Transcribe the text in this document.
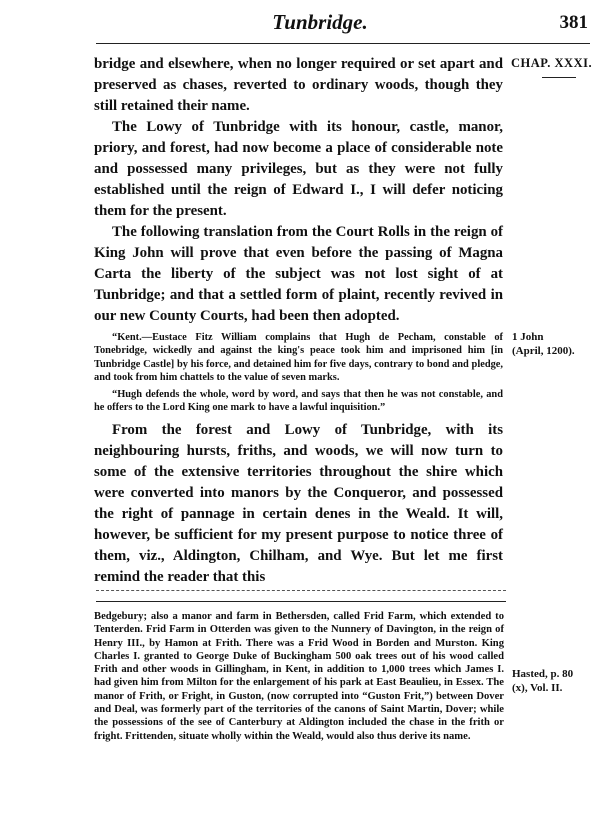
Tunbridge.	381
CHAP. XXXI.

bridge and elsewhere, when no longer required or set apart and preserved as chases, reverted to ordinary woods, though they still retained their name.

The Lowy of Tunbridge with its honour, castle, manor, priory, and forest, had now become a place of considerable note and possessed many privileges, but as they were not fully established until the reign of Edward I., I will defer noticing them for the present.

The following translation from the Court Rolls in the reign of King John will prove that even before the passing of Magna Carta the liberty of the subject was not lost sight of at Tunbridge; and that a settled form of plaint, recently revived in our new County Courts, had been then adopted.

“Kent.—Eustace Fitz William complains that Hugh de Pecham, constable of Tonebridge, wickedly and against the king's peace took him and imprisoned him [in Tunbridge Castle] by his force, and detained him for five days, contrary to bond and pledge, and took from him chattels to the value of seven marks.

“Hugh defends the whole, word by word, and says that then he was not constable, and he offers to the Lord King one mark to have a lawful inquisition.”

From the forest and Lowy of Tunbridge, with its neighbouring hursts, friths, and woods, we will now turn to some of the extensive territories throughout the shire which were converted into manors by the Conqueror, and possessed the right of pannage in certain denes in the Weald. It will, however, be sufficient for my present purpose to notice three of them, viz., Aldington, Chilham, and Wye. But let me first remind the reader that this

1 John
(April, 1200).

Bedgebury; also a manor and farm in Bethersden, called Frid Farm, which extended to Tenterden. Frid Farm in Otterden was given to the Nunnery of Davington, in the reign of Henry III., by Hamon at Frith. There was a Frid Wood in Borden and Murston. King Charles I. granted to George Duke of Buckingham 500 oak trees out of his wood called Frith and other woods in Gillingham, in Kent, in addition to 1,000 trees which James I. had given him from Milton for the enlargement of his park at East Beaulieu, in Essex. The manor of Frith, or Fright, in Guston, (now corrupted into “Guston Frit,”) between Dover and Deal, was formerly part of the territories of the canons of Saint Martin, Dover; while the possessions of the see of Canterbury at Aldington included the chase in the frith or fright. Frittenden, situate wholly within the Weald, would also thus derive its name.

Hasted, p. 80
(x), Vol. II.
